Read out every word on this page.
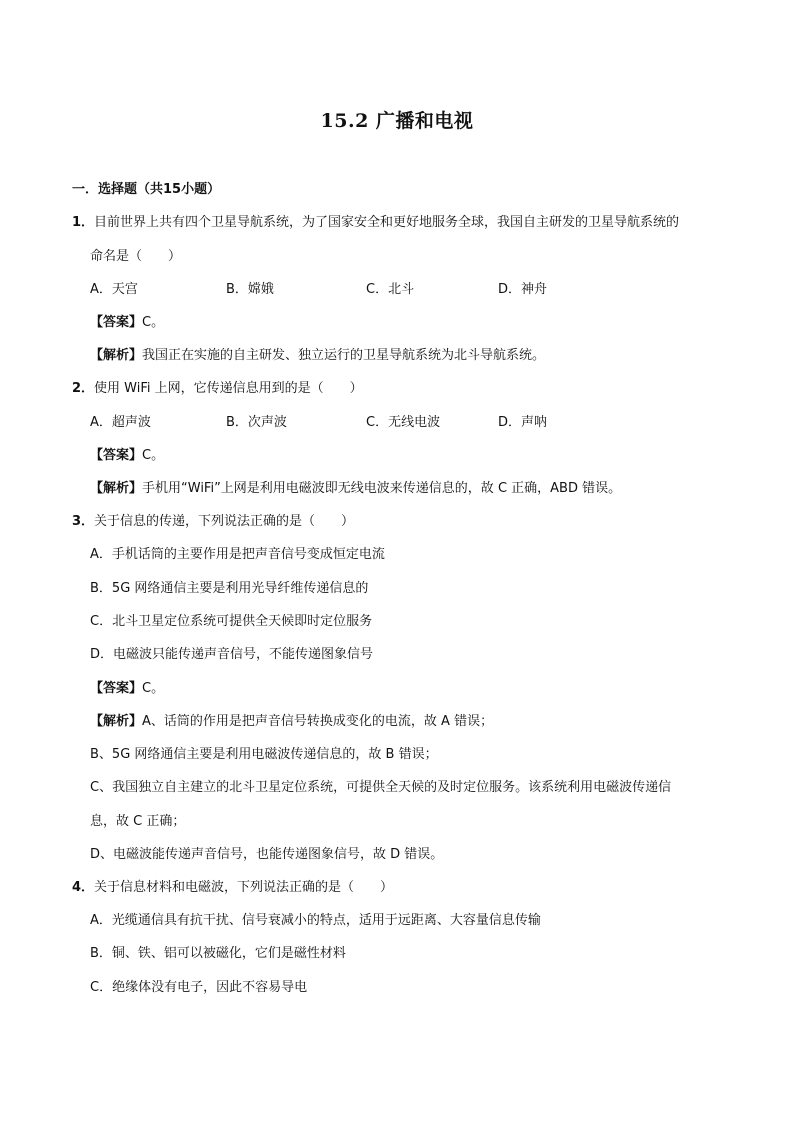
15.2 广播和电视
一．选择题（共15小题）
1．目前世界上共有四个卫星导航系统，为了国家安全和更好地服务全球，我国自主研发的卫星导航系统的
命名是（　　）
A．天宫	B．嫦娥	C．北斗	D．神舟
【答案】C。
【解析】我国正在实施的自主研发、独立运行的卫星导航系统为北斗导航系统。
2．使用 WiFi 上网，它传递信息用到的是（　　）
A．超声波	B．次声波	C．无线电波	D．声呐
【答案】C。
【解析】手机用“WiFi”上网是利用电磁波即无线电波来传递信息的，故 C 正确，ABD 错误。
3．关于信息的传递，下列说法正确的是（　　）
A．手机话筒的主要作用是把声音信号变成恒定电流
B．5G 网络通信主要是利用光导纤维传递信息的
C．北斗卫星定位系统可提供全天候即时定位服务
D．电磁波只能传递声音信号，不能传递图象信号
【答案】C。
【解析】A、话筒的作用是把声音信号转换成变化的电流，故 A 错误；
B、5G 网络通信主要是利用电磁波传递信息的，故 B 错误；
C、我国独立自主建立的北斗卫星定位系统，可提供全天候的及时定位服务。该系统利用电磁波传递信
息，故 C 正确；
D、电磁波能传递声音信号，也能传递图象信号，故 D 错误。
4．关于信息材料和电磁波，下列说法正确的是（　　）
A．光缆通信具有抗干扰、信号衰减小的特点，适用于远距离、大容量信息传输
B．铜、铁、铝可以被磁化，它们是磁性材料
C．绝缘体没有电子，因此不容易导电
